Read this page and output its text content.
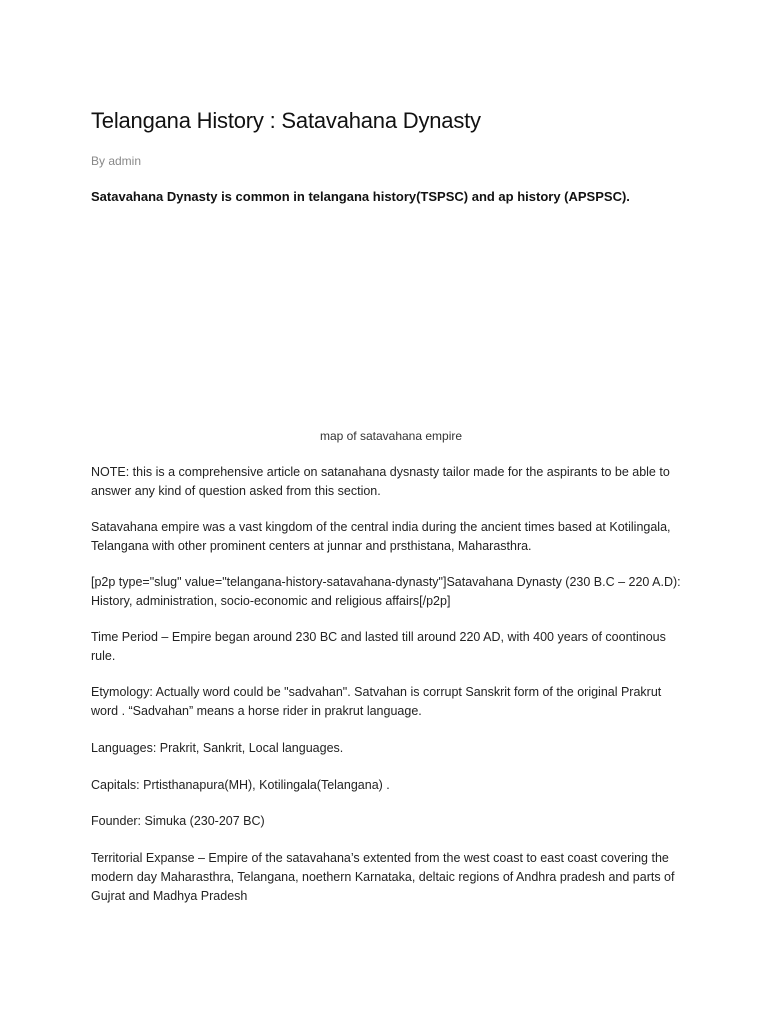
Telangana History : Satavahana Dynasty
By admin
Satavahana Dynasty is common in telangana history(TSPSC) and ap history (APSPSC).
map of satavahana empire

NOTE: this is a comprehensive article on satanahana dysnasty tailor made for the aspirants to be able to answer any kind of question asked from this section.

Satavahana empire was a vast kingdom of the central india during the ancient times based at Kotilingala, Telangana with other prominent centers at junnar and prsthistana, Maharasthra.

[p2p type="slug" value="telangana-history-satavahana-dynasty"]Satavahana Dynasty (230 B.C – 220 A.D): History, administration, socio-economic and religious affairs[/p2p]

Time Period – Empire began around 230 BC and lasted till around 220 AD, with 400 years of coontinous rule.

Etymology: Actually word could be "sadvahan". Satvahan is corrupt Sanskrit form of the original Prakrut word . “Sadvahan” means a horse rider in prakrut language.

Languages: Prakrit, Sankrit, Local languages.

Capitals: Prtisthanapura(MH), Kotilingala(Telangana) .

Founder: Simuka (230-207 BC)

Territorial Expanse – Empire of the satavahana’s extented from the west coast to east coast covering the modern day Maharasthra, Telangana, noethern Karnataka, deltaic regions of Andhra pradesh and parts of Gujrat and Madhya Pradesh
